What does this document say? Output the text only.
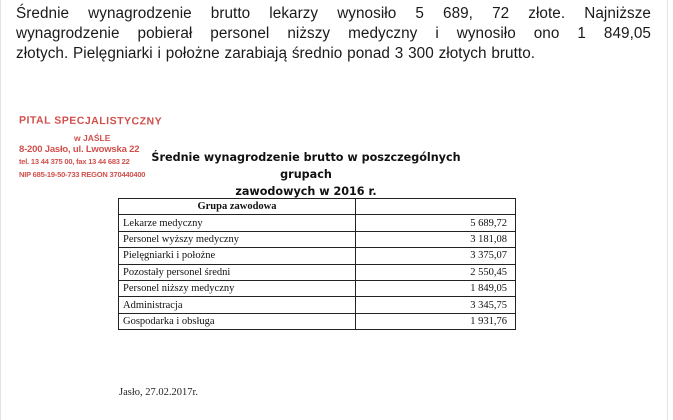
Średnie wynagrodzenie brutto lekarzy wynosiło 5 689, 72 złote. Najniższe
wynagrodzenie pobierał personel niższy medyczny i wynosiło ono 1 849,05
złotych. Pielęgniarki i położne zarabiają średnio ponad 3 300 złotych brutto.

PITAL SPECJALISTYCZNY
w JAŚLE
8-200 Jasło, ul. Lwowska 22
tel. 13 44 375 00, fax 13 44 683 22
NIP 685-19-50-733 REGON 370440400
Średnie wynagrodzenie brutto w poszczególnych grupach
zawodowych w 2016 r.
Grupa zawodowa	
Lekarze medyczny	5 689,72
Personel wyższy medyczny	3 181,08
Pielęgniarki i położne	3 375,07
Pozostały personel średni	2 550,45
Personel niższy medyczny	1 849,05
Administracja	3 345,75
Gospodarka i obsługa	1 931,76
Jasło, 27.02.2017r.
